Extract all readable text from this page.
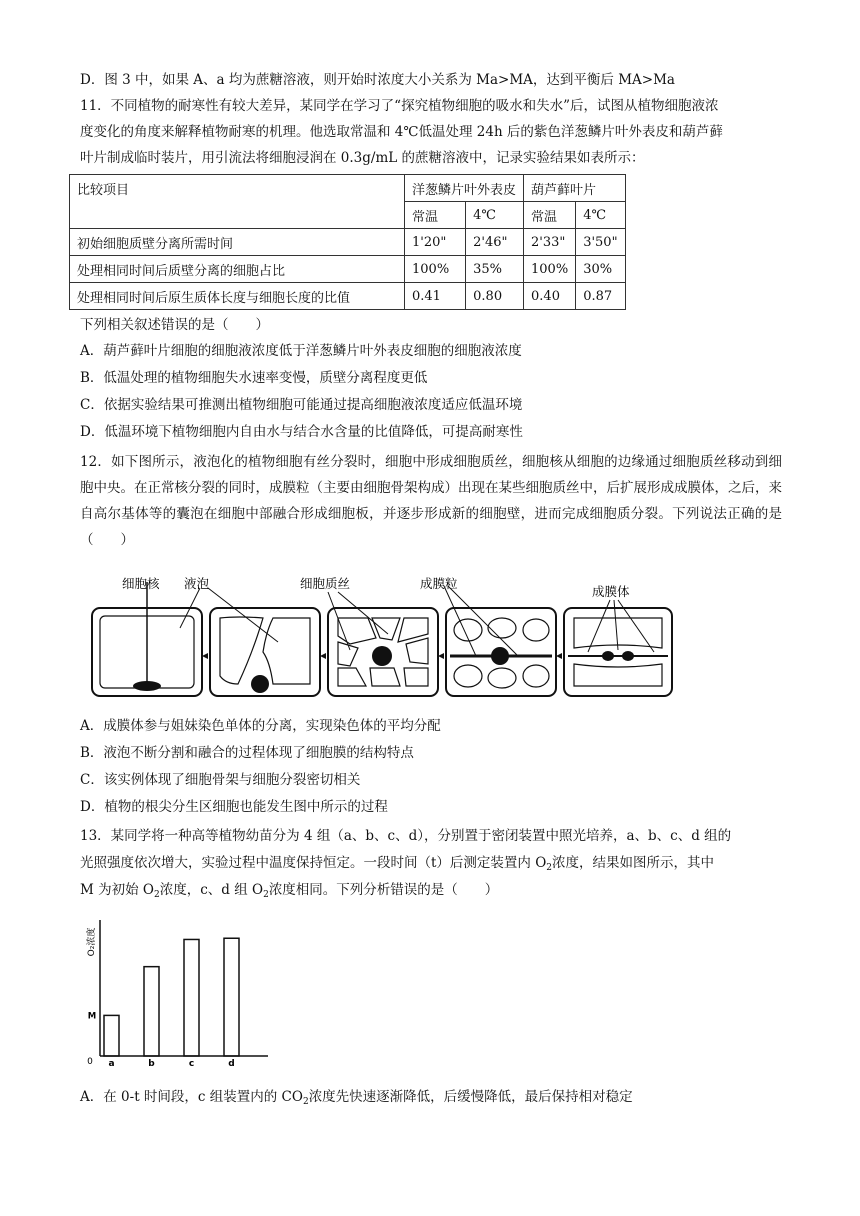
D．图 3 中，如果 A、a 均为蔗糖溶液，则开始时浓度大小关系为 Ma>MA，达到平衡后 MA>Ma
11．不同植物的耐寒性有较大差异，某同学在学习了“探究植物细胞的吸水和失水”后，试图从植物细胞液浓
度变化的角度来解释植物耐寒的机理。他选取常温和 4℃低温处理 24h 后的紫色洋葱鳞片叶外表皮和葫芦藓
叶片制成临时装片，用引流法将细胞浸润在 0.3g/mL 的蔗糖溶液中，记录实验结果如表所示：
比较项目	洋葱鳞片叶外表皮		葫芦藓叶片	
	常温	4℃	常温	4℃
初始细胞质壁分离所需时间	1'20"	2'46"	2'33"	3'50"
处理相同时间后质壁分离的细胞占比	100%	35%	100%	30%
处理相同时间后原生质体长度与细胞长度的比值	0.41	0.80	0.40	0.87
下列相关叙述错误的是（　　）
A．葫芦藓叶片细胞的细胞液浓度低于洋葱鳞片叶外表皮细胞的细胞液浓度
B．低温处理的植物细胞失水速率变慢，质壁分离程度更低
C．依据实验结果可推测出植物细胞可能通过提高细胞液浓度适应低温环境
D．低温环境下植物细胞内自由水与结合水含量的比值降低，可提高耐寒性
12．如下图所示，液泡化的植物细胞有丝分裂时，细胞中形成细胞质丝，细胞核从细胞的边缘通过细胞质丝移动到细胞中央。在正常核分裂的同时，成膜粒（主要由细胞骨架构成）出现在某些细胞质丝中，后扩展形成成膜体，之后，来自高尔基体等的囊泡在细胞中部融合形成细胞板，并逐步形成新的细胞壁，进而完成细胞质分裂。下列说法正确的是（　　）
细胞核 液泡	细胞质丝	成膜粒
成膜体
A．成膜体参与姐妹染色单体的分离，实现染色体的平均分配
B．液泡不断分割和融合的过程体现了细胞膜的结构特点
C．该实例体现了细胞骨架与细胞分裂密切相关
D．植物的根尖分生区细胞也能发生图中所示的过程
13．某同学将一种高等植物幼苗分为 4 组（a、b、c、d），分别置于密闭装置中照光培养，a、b、c、d 组的
光照强度依次增大，实验过程中温度保持恒定。一段时间（t）后测定装置内 $O_2$浓度，结果如图所示，其中
M 为初始 $O_2$浓度，c、d 组 $O_2$浓度相同。下列分析错误的是（　　）
O₂浓度
M
0 a	b	c	d
A．在 0-t 时间段，c 组装置内的 $CO_2$浓度先快速逐渐降低，后缓慢降低，最后保持相对稳定
